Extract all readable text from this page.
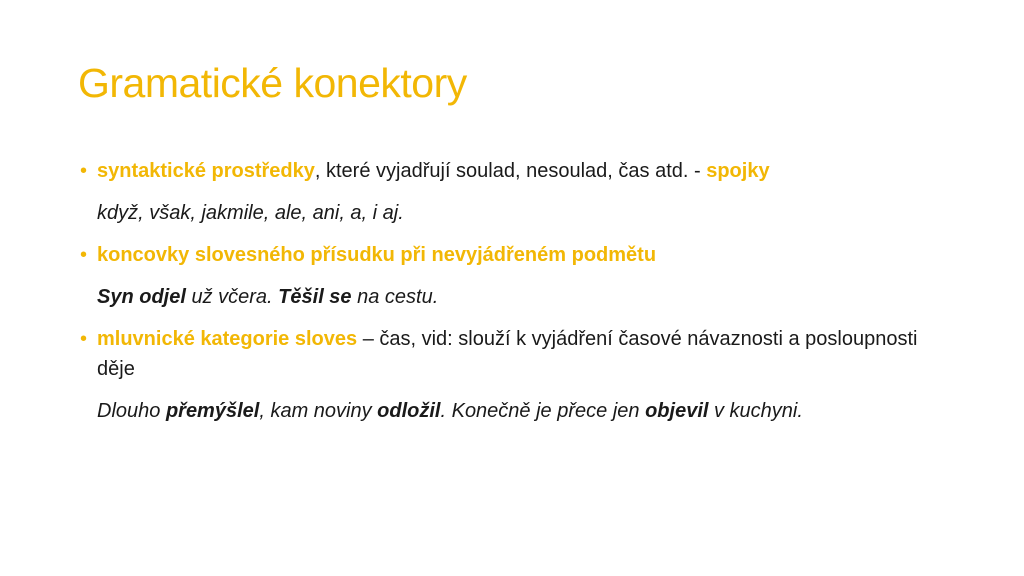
Gramatické konektory
• syntaktické prostředky, které vyjadřují soulad, nesoulad, čas atd. - spojky
když, však, jakmile, ale, ani, a, i aj.
• koncovky slovesného přísudku při nevyjádřeném podmětu
Syn odjel už včera. Těšil se na cestu.
• mluvnické kategorie sloves – čas, vid: slouží k vyjádření časové návaznosti a posloupnosti děje
Dlouho přemýšlel, kam noviny odložil. Konečně je přece jen objevil v kuchyni.
